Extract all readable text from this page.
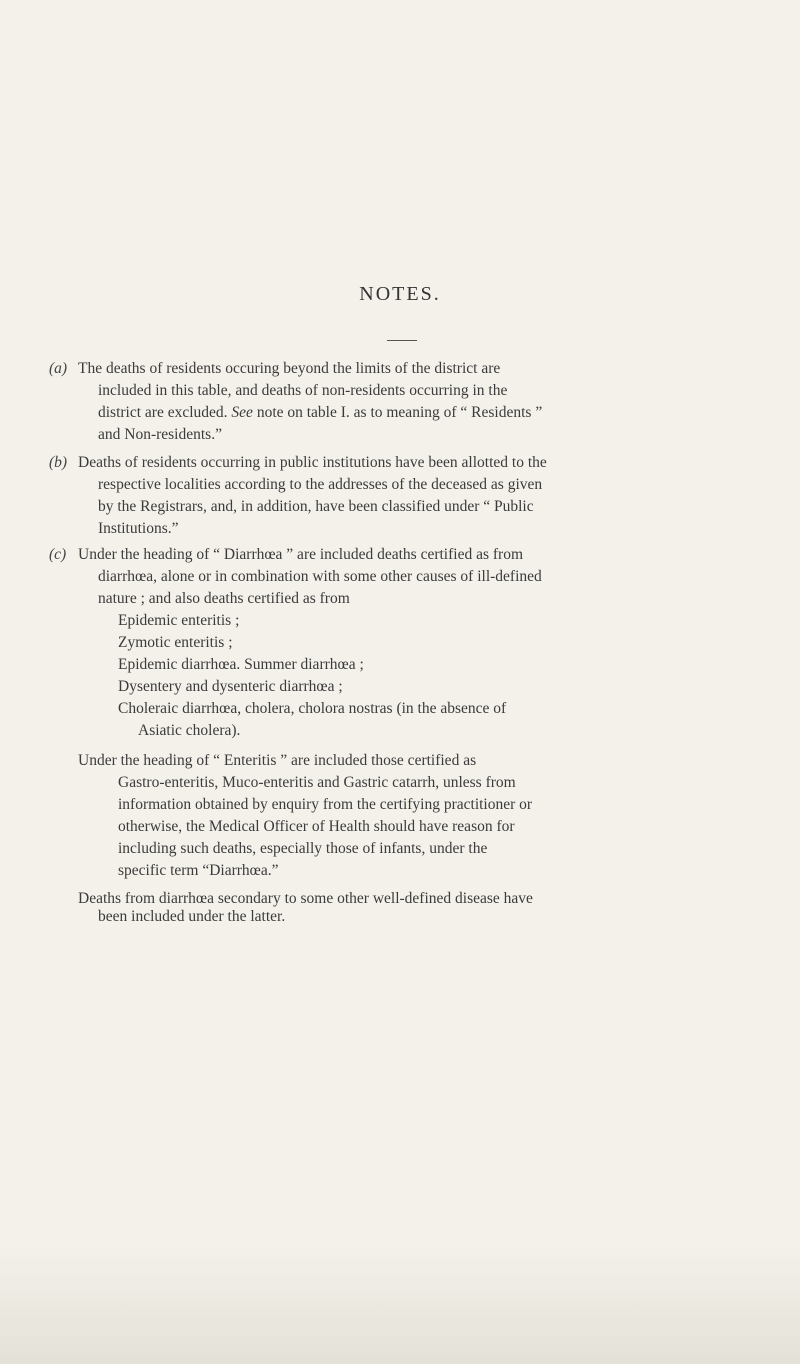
NOTES.
(a) The deaths of residents occuring beyond the limits of the district are
included in this table, and deaths of non-residents occurring in the
district are excluded. See note on table I. as to meaning of “ Residents ”
and Non-residents.”
(b) Deaths of residents occurring in public institutions have been allotted to the
respective localities according to the addresses of the deceased as given
by the Registrars, and, in addition, have been classified under “ Public
Institutions.”
(c) Under the heading of “ Diarrhœa ” are included deaths certified as from
diarrhœa, alone or in combination with some other causes of ill-defined
nature ; and also deaths certified as from
Epidemic enteritis ;
Zymotic enteritis ;
Epidemic diarrhœa. Summer diarrhœa ;
Dysentery and dysenteric diarrhœa ;
Choleraic diarrhœa, cholera, cholora nostras (in the absence of
Asiatic cholera).
Under the heading of “ Enteritis ” are included those certified as
Gastro-enteritis, Muco-enteritis and Gastric catarrh, unless from
information obtained by enquiry from the certifying practitioner or
otherwise, the Medical Officer of Health should have reason for
including such deaths, especially those of infants, under the
specific term “Diarrhœa.”
Deaths from diarrhœa secondary to some other well-defined disease have
been included under the latter.
